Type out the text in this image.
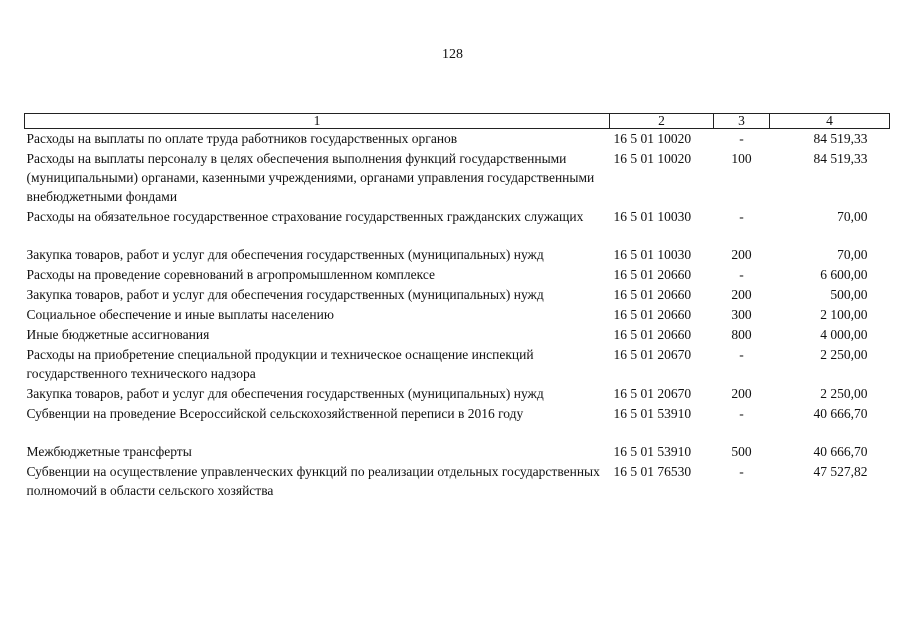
128
1	2	3	4
Расходы на выплаты по оплате труда работников государственных органов	16 5 01 10020	-	84 519,33
Расходы на выплаты персоналу в целях обеспечения выполнения функций государственными (муниципальными) органами, казенными учреждениями, органами управления государственными внебюджетными фондами	16 5 01 10020	100	84 519,33
Расходы на обязательное государственное страхование государственных гражданских служащих	16 5 01 10030	-	70,00
Закупка товаров, работ и услуг для обеспечения государственных (муниципальных) нужд	16 5 01 10030	200	70,00
Расходы на проведение соревнований в агропромышленном комплексе	16 5 01 20660	-	6 600,00
Закупка товаров, работ и услуг для обеспечения государственных (муниципальных) нужд	16 5 01 20660	200	500,00
Социальное обеспечение и иные выплаты населению	16 5 01 20660	300	2 100,00
Иные бюджетные ассигнования	16 5 01 20660	800	4 000,00
Расходы на приобретение специальной продукции и техническое оснащение инспекций государственного технического надзора	16 5 01 20670	-	2 250,00
Закупка товаров, работ и услуг для обеспечения государственных (муниципальных) нужд	16 5 01 20670	200	2 250,00
Субвенции на проведение Всероссийской сельскохозяйственной переписи в 2016 году	16 5 01 53910	-	40 666,70
Межбюджетные трансферты	16 5 01 53910	500	40 666,70
Субвенции на осуществление управленческих функций по реализации отдельных государственных полномочий в области сельского хозяйства	16 5 01 76530	-	47 527,82
